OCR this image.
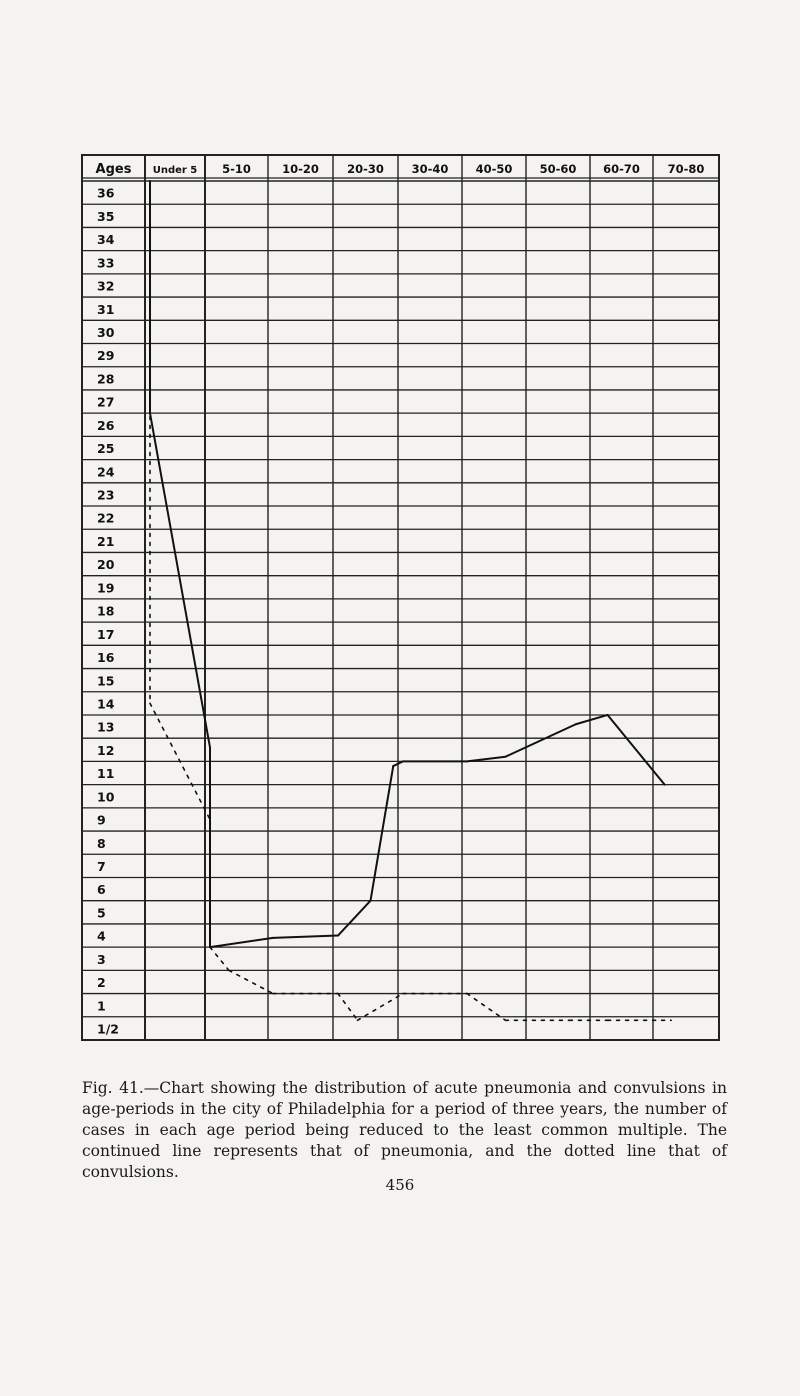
Ages Under 5 5-10	10-20 20-30 30-40 40-50 50-60 60-70 70-80
36
35
34
33
32
31
30
29
28
27
26
25
24
23
22
21
20
19
18
17
16
15
14
13
12
11
10
9
8
7
6
5
4
3
2
1
1/2

Fig. 41.—Chart showing the distribution of acute pneumonia and convulsions in age-periods in the city of Philadelphia for a period of three years, the number of cases in each age period being reduced to the least common multiple. The continued line represents that of pneumonia, and the dotted line that of convulsions.

456
